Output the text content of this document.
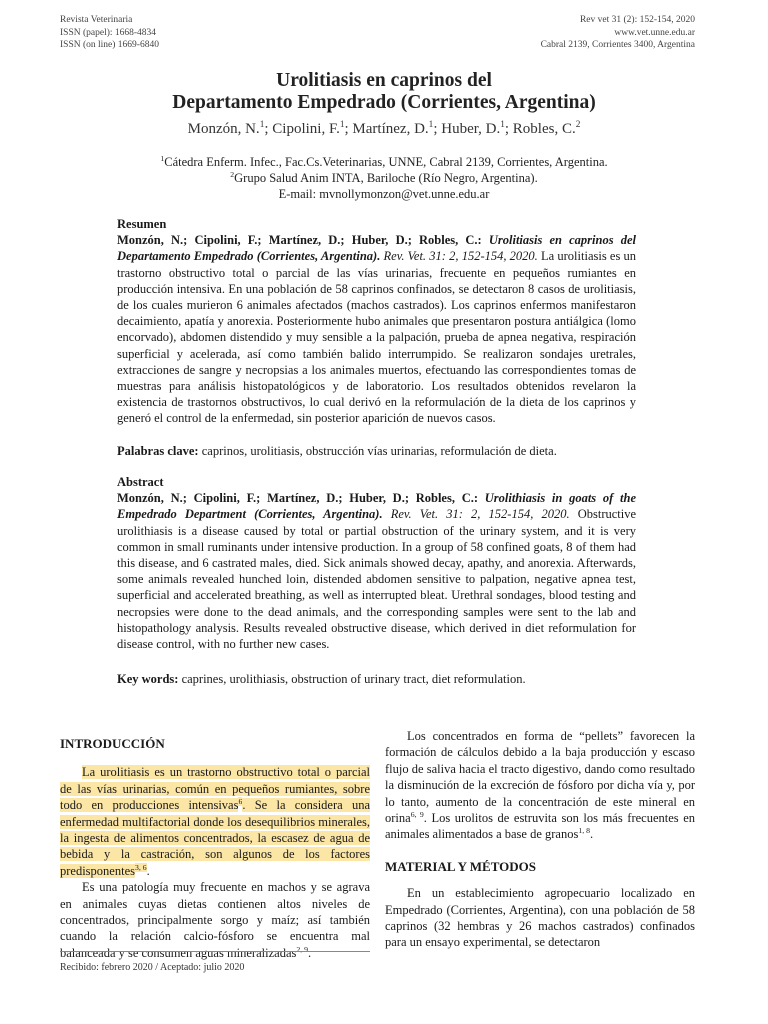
Revista Veterinaria
ISSN (papel): 1668-4834
ISSN (on line) 1669-6840
Rev vet 31 (2): 152-154, 2020
www.vet.unne.edu.ar
Cabral 2139, Corrientes 3400, Argentina
Urolitiasis en caprinos del
Departamento Empedrado (Corrientes, Argentina)
Monzón, N.$^1$; Cipolini, F.$^1$; Martínez, D.$^1$; Huber, D.$^1$; Robles, C.$^2$
$^1$Cátedra Enferm. Infec., Fac.Cs.Veterinarias, UNNE, Cabral 2139, Corrientes, Argentina.
$^2$Grupo Salud Anim INTA, Bariloche (Río Negro, Argentina).
E-mail: mvnollymonzon@vet.unne.edu.ar
Resumen
Monzón, N.; Cipolini, F.; Martínez, D.; Huber, D.; Robles, C.: Urolitiasis en caprinos del Departamento Empedrado (Corrientes, Argentina). Rev. Vet. 31: 2, 152-154, 2020. La urolitiasis es un trastorno obstructivo total o parcial de las vías urinarias, frecuente en pequeños rumiantes en producción intensiva. En una población de 58 caprinos confinados, se detectaron 8 casos de urolitiasis, de los cuales murieron 6 animales afectados (machos castrados). Los caprinos enfermos manifestaron decaimiento, apatía y anorexia. Posteriormente hubo animales que presentaron postura antiálgica (lomo encorvado), abdomen distendido y muy sensible a la palpación, prueba de apnea negativa, respiración superficial y acelerada, así como también balido interrumpido. Se realizaron sondajes uretrales, extracciones de sangre y necropsias a los animales muertos, efectuando las correspondientes tomas de muestras para análisis histopatológicos y de laboratorio. Los resultados obtenidos revelaron la existencia de trastornos obstructivos, lo cual derivó en la reformulación de la dieta de los caprinos y generó el control de la enfermedad, sin posterior aparición de nuevos casos.
Palabras clave: caprinos, urolitiasis, obstrucción vías urinarias, reformulación de dieta.
Abstract
Monzón, N.; Cipolini, F.; Martínez, D.; Huber, D.; Robles, C.: Urolithiasis in goats of the Empedrado Department (Corrientes, Argentina). Rev. Vet. 31: 2, 152-154, 2020. Obstructive urolithiasis is a disease caused by total or partial obstruction of the urinary system, and it is very common in small ruminants under intensive production. In a group of 58 confined goats, 8 of them had this disease, and 6 castrated males, died. Sick animals showed decay, apathy, and anorexia. Afterwards, some animals revealed hunched loin, distended abdomen sensitive to palpation, negative apnea test, superficial and accelerated breathing, as well as interrupted bleat. Urethral sondages, blood testing and necropsies were done to the dead animals, and the corresponding samples were sent to the lab and histopathology analysis. Results revealed obstructive disease, which derived in diet reformulation for disease control, with no further new cases.
Key words: caprines, urolithiasis, obstruction of urinary tract, diet reformulation.
INTRODUCCIÓN

La urolitiasis es un trastorno obstructivo total o parcial de las vías urinarias, común en pequeños rumiantes, sobre todo en producciones intensivas$^6$. Se la considera una enfermedad multifactorial donde los desequilibrios minerales, la ingesta de alimentos concentrados, la escasez de agua de bebida y la castración, son algunos de los factores predisponentes$^{3, 6}$.

Es una patología muy frecuente en machos y se agrava en animales cuyas dietas contienen altos niveles de concentrados, principalmente sorgo y maíz; así también cuando la relación calcio-fósforo se encuentra mal balanceada y se consumen aguas mineralizadas$^{2, 9}$.

Los concentrados en forma de “pellets” favorecen la formación de cálculos debido a la baja producción y escaso flujo de saliva hacia el tracto digestivo, dando como resultado la disminución de la excreción de fósforo por dicha vía y, por lo tanto, aumento de la concentración de este mineral en orina$^{6, 9}$. Los urolitos de estruvita son los más frecuentes en animales alimentados a base de granos$^{1, 8}$.

MATERIAL Y MÉTODOS

En un establecimiento agropecuario localizado en Empedrado (Corrientes, Argentina), con una población de 58 caprinos (32 hembras y 26 machos castrados) confinados para un ensayo experimental, se detectaron

Recibido: febrero 2020 / Aceptado: julio 2020
